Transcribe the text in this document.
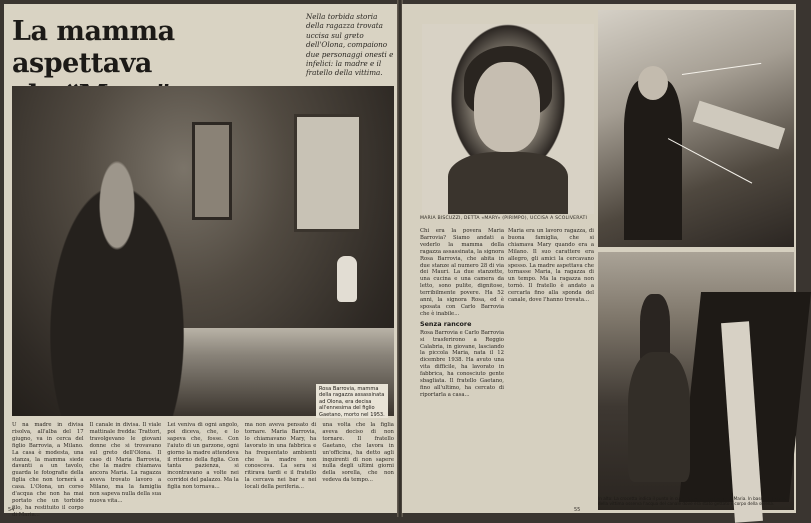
La mamma aspettava
Nella torbida storia della ragazza trovata uccisa sul greto dell'Olona, compaiono due personaggi onesti e infelici: la madre e il fratello della vittima.
Rosa Barrovia, mamma della ragazza assassinata ad Olona, era decisa all'ennesima del figlio Gaetano, morto nel 1953.
U na madre in divisa risolva, all'alba del 17 giugno, va in cerca del figlio Barrovia, a Milano. La casa è modesta, una stanza, la mamma siede davanti a un tavolo, guarda le fotografie della figlia che non tornerà a casa. L'Olona, un corso d'acqua che non ha mai portato che un torbido filo, ha restituito il corpo di Maria...
Il canale in divisa. Il viale mattinale fredda: Trattori, travolgevano le giovani donne che si trovavano sul greto dell'Olona. Il caso di Maria Barrovia, che la madre chiamava ancora Maria. La ragazza aveva trovato lavoro a Milano, ma la famiglia non sapeva nulla della sua nuova vita...
Lei veniva di ogni angolo, poi diceva, che, e lo sapeva che, fosse. Con l'aiuto di un garzone, ogni giorno la madre attendeva il ritorno della figlia. Con tanta pazienza, si incontravano a volte nei corridoi del palazzo. Ma la figlia non tornava...
ma non aveva pensato di tornare. Maria Barrovia, lo chiamavano Mary, ha lavorato in una fabbrica e ha frequentato ambienti che la madre non conosceva. La sera si ritirava tardi e il fratello la cercava nei bar e nei locali della periferia...
una volta che la figlia aveva deciso di non tornare. Il fratello Gaetano, che lavora in un'officina, ha detto agli inquirenti di non sapere nulla degli ultimi giorni della sorella, che non vedeva da tempo...
54
MARIA BISCUZZI, DETTA «MARY» (PIRIMPO), UCCISA A SCOLIVERATI
In alto: La crocetta indica il punto in cui fu trovato il cadavere di Maria. In basso: Il fratello della vittima osserva l'acqua del canale dove era stato gettato il corpo della sorella.
Chi era la povera Maria Barrovia? Siamo andati a vederlo la mamma della ragazza assassinata, la signora Rosa Barrovia, che abita in due stanze al numero 28 di via dei Mauri. La due stanzette, una cucina e una camera da letto, sono pulite, dignitose, terribilmente povere. Ha 52 anni, la signora Rosa, ed è sposata con Carlo Barrovia che è inabile...
Senza rancore
Rosa Barrovia e Carlo Barrovia si trasferirono a Reggio Calabria, in giovane, lasciando la piccola Maria, nata il 12 dicembre 1938. Ha avuto una vita difficile, ha lavorato in fabbrica, ha conosciuto gente sbagliata. Il fratello Gaetano, fino all'ultimo, ha cercato di riportarla a casa...
Maria era un lavoro ragazza, di buona famiglia, che si chiamava Mary quando era a Milano. Il suo carattere era allegro, gli amici la cercavano spesso. La madre aspettava che tornasse Maria, la ragazza di un tempo. Ma la ragazza non tornò. Il fratello è andato a cercarla fino alla sponda del canale, dove l'hanno trovata...
55
